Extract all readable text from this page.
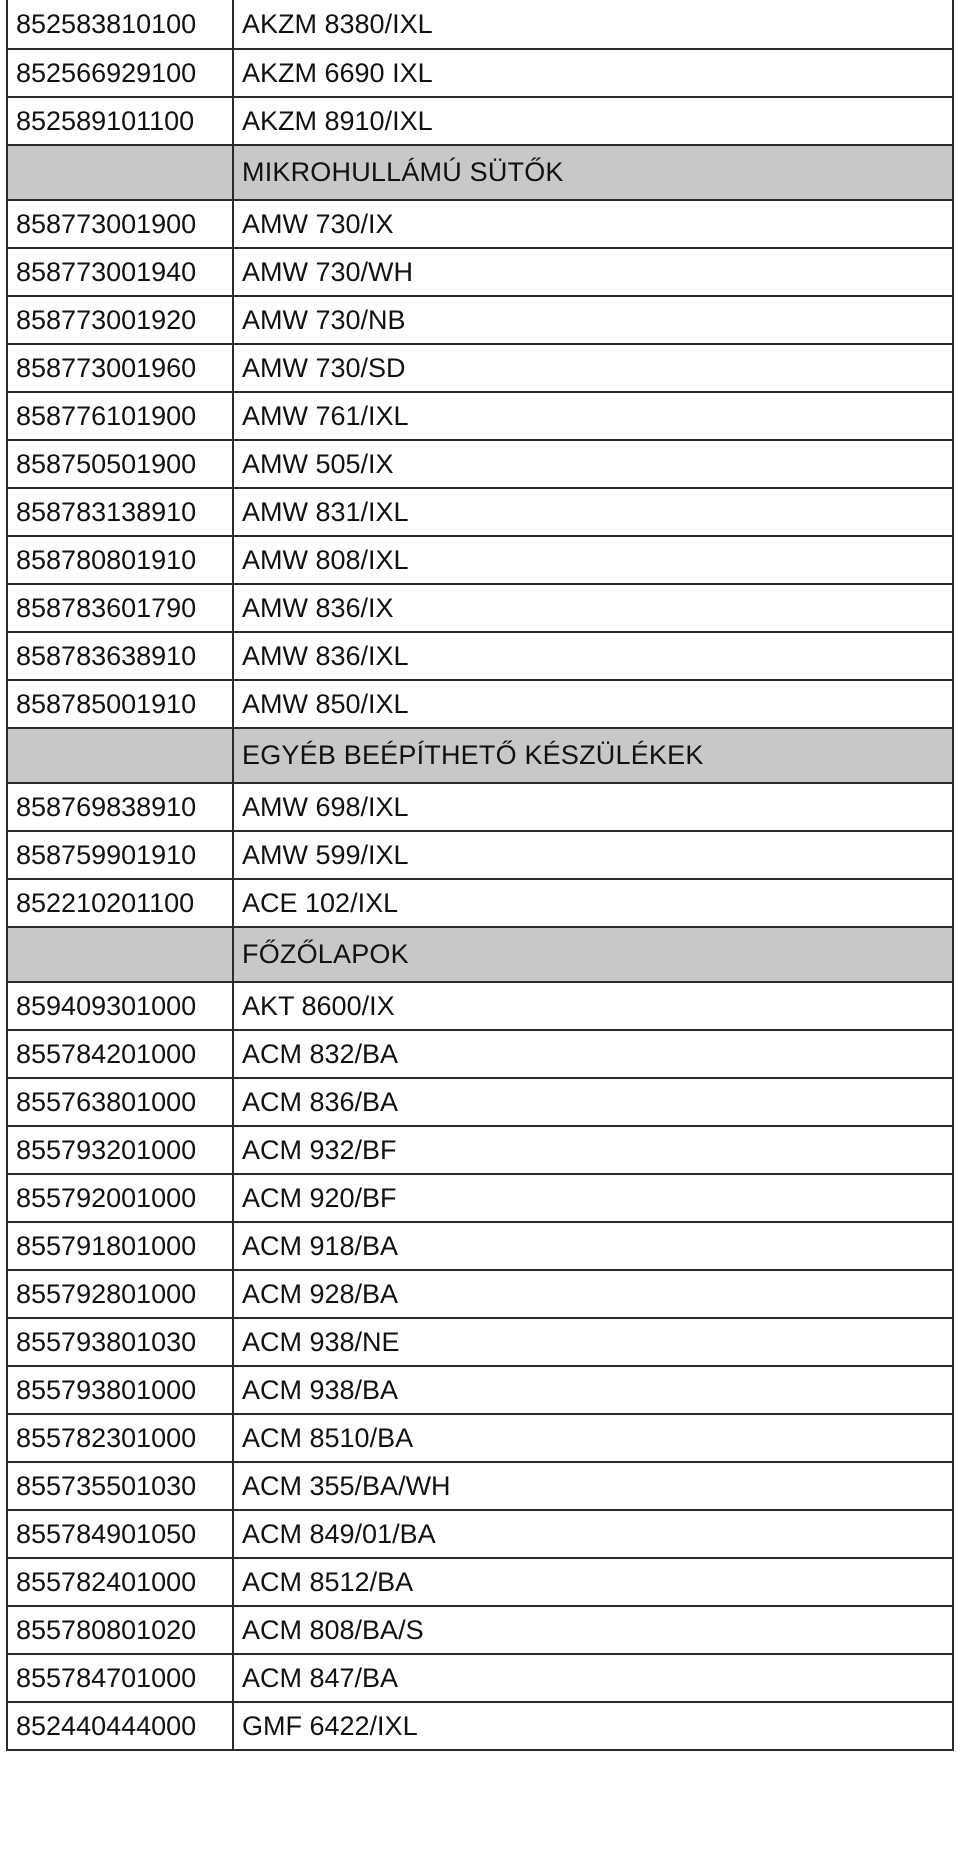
852583810100	AKZM 8380/IXL
852566929100	AKZM 6690 IXL
852589101100	AKZM 8910/IXL
	MIKROHULLÁMÚ SÜTŐK
858773001900	AMW 730/IX
858773001940	AMW 730/WH
858773001920	AMW 730/NB
858773001960	AMW 730/SD
858776101900	AMW 761/IXL
858750501900	AMW 505/IX
858783138910	AMW 831/IXL
858780801910	AMW 808/IXL
858783601790	AMW 836/IX
858783638910	AMW 836/IXL
858785001910	AMW 850/IXL
	EGYÉB BEÉPÍTHETŐ KÉSZÜLÉKEK
858769838910	AMW 698/IXL
858759901910	AMW 599/IXL
852210201100	ACE 102/IXL
	FŐZŐLAPOK
859409301000	AKT 8600/IX
855784201000	ACM 832/BA
855763801000	ACM 836/BA
855793201000	ACM 932/BF
855792001000	ACM 920/BF
855791801000	ACM 918/BA
855792801000	ACM 928/BA
855793801030	ACM 938/NE
855793801000	ACM 938/BA
855782301000	ACM 8510/BA
855735501030	ACM 355/BA/WH
855784901050	ACM 849/01/BA
855782401000	ACM 8512/BA
855780801020	ACM 808/BA/S
855784701000	ACM 847/BA
852440444000	GMF 6422/IXL
